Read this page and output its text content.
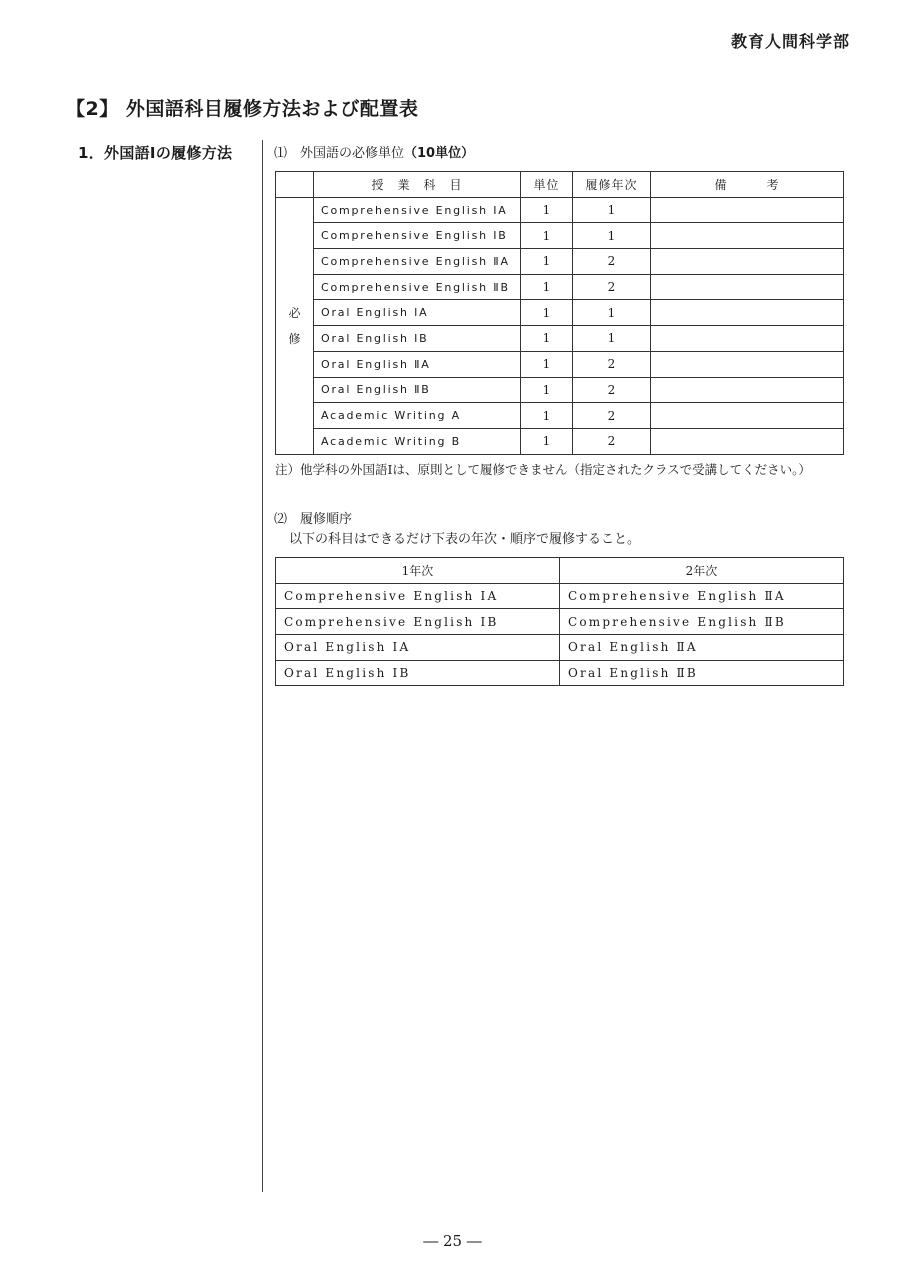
教育人間科学部
【2】 外国語科目履修方法および配置表
1．外国語Ⅰの履修方法	⑴　外国語の必修単位（10単位）
	授　業　科　目	単位	履修年次	備　　　考

必
修	Comprehensive English ⅠA	1	1	
	Comprehensive English ⅠB	1	1	
	Comprehensive English ⅡA	1	2	
	Comprehensive English ⅡB	1	2	
	Oral English ⅠA	1	1	
	Oral English ⅠB	1	1	
	Oral English ⅡA	1	2	
	Oral English ⅡB	1	2	
	Academic Writing A	1	2	
	Academic Writing B	1	2	
注）他学科の外国語Ⅰは、原則として履修できません（指定されたクラスで受講してください。）
⑵　履修順序
以下の科目はできるだけ下表の年次・順序で履修すること。
1年次	2年次
Comprehensive English ⅠA	Comprehensive English ⅡA
Comprehensive English ⅠB	Comprehensive English ⅡB
Oral English ⅠA	Oral English ⅡA
Oral English ⅠB	Oral English ⅡB
― 25 ―
